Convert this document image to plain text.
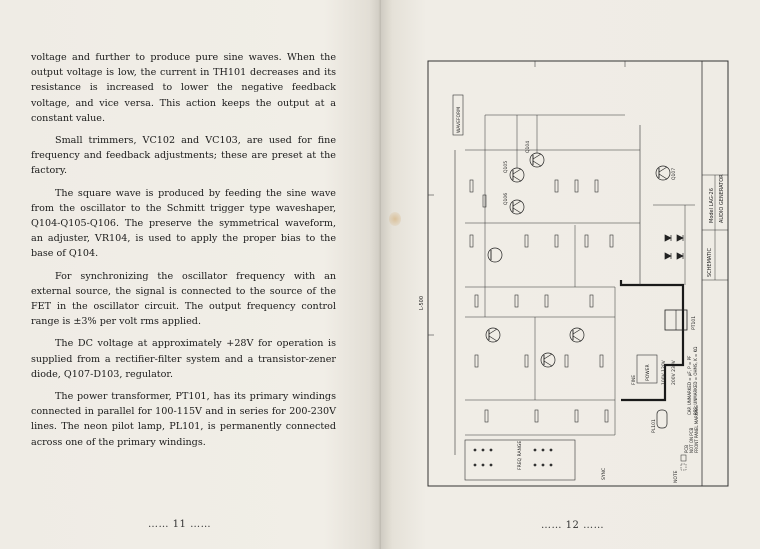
voltage and further to produce pure sine waves. When the output voltage is low, the current in TH101 decreases and its resistance is increased to lower the negative feedback voltage, and vice versa. This action keeps the output at a constant value.

Small trimmers, VC102 and VC103, are used for fine frequency and feedback adjustments; these are preset at the factory.

The square wave is produced by feeding the sine wave from the oscillator to the Schmitt trigger type waveshaper, Q104-Q105-Q106. The preserve the symmetrical waveform, an adjuster, VR104, is used to apply the proper bias to the base of Q104.

For synchronizing the oscillator frequency with an external source, the signal is connected to the source of the FET in the oscillator circuit. The output frequency control range is ±3% per volt rms applied.

The DC voltage at approximately +28V for operation is supplied from a rectifier-filter system and a transistor-zener diode, Q107-D103, regulator.

The power transformer, PT101, has its primary windings connected in parallel for 100-115V and in series for 200-230V lines. The neon pilot lamp, PL101, is permanently connected across one of the primary windings.

…… 11 ……	…… 12 ……
SCHEMATIC
Model LAG-26 AUDIO GENERATOR
FREQ RANGE
WAVEFORM
SYNC
PT101
POWER
FINE	100V 120V 200V 230V
PL101
NOTE
PCB NOT ON PCB FRONT PANEL MARKING
CAP. UNMARKED = μF, P = PF RES. UNMARKED = OHMS, K = KΩ
Q104
Q105
Q106
Q107
L-500
